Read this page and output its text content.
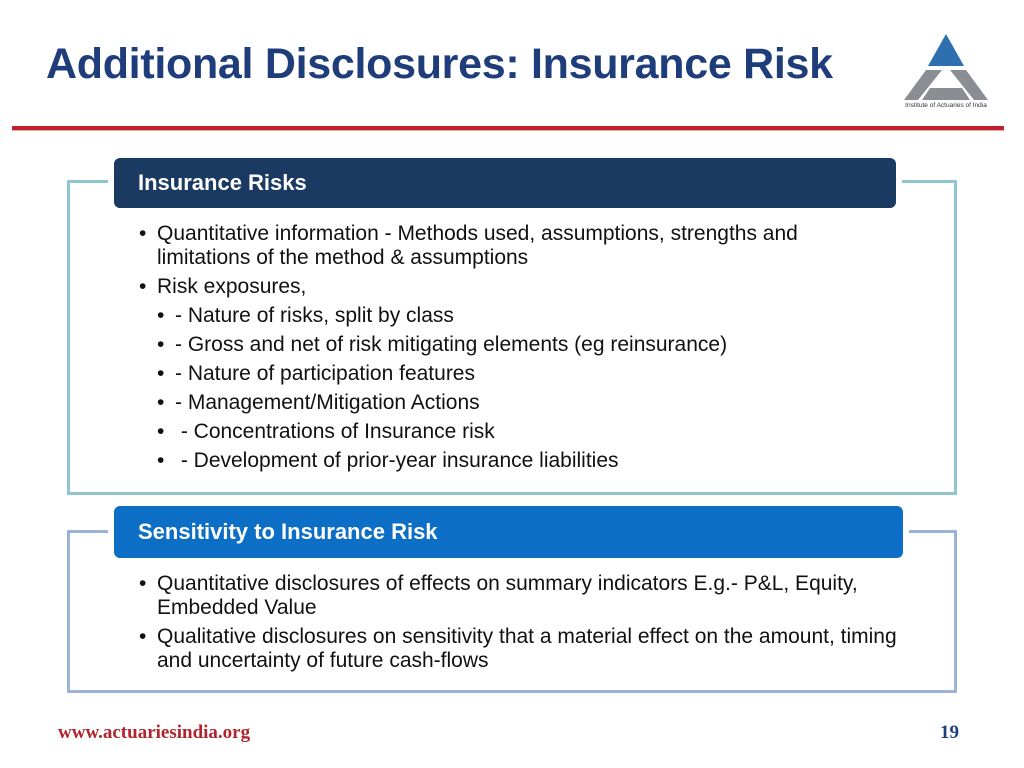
Additional Disclosures: Insurance Risk
Institute of Actuaries of India
Insurance Risks
• Quantitative information - Methods used, assumptions, strengths and limitations of the method & assumptions
• Risk exposures,
• - Nature of risks, split by class
• - Gross and net of risk mitigating elements (eg reinsurance)
• - Nature of participation features
• - Management/Mitigation Actions
•  - Concentrations of Insurance risk
•  - Development of prior-year insurance liabilities
Sensitivity to Insurance Risk
• Quantitative disclosures of effects on summary indicators E.g.- P&L, Equity, Embedded Value
• Qualitative disclosures on sensitivity that a material effect on the amount, timing and uncertainty of future cash-flows
www.actuariesindia.org	19
